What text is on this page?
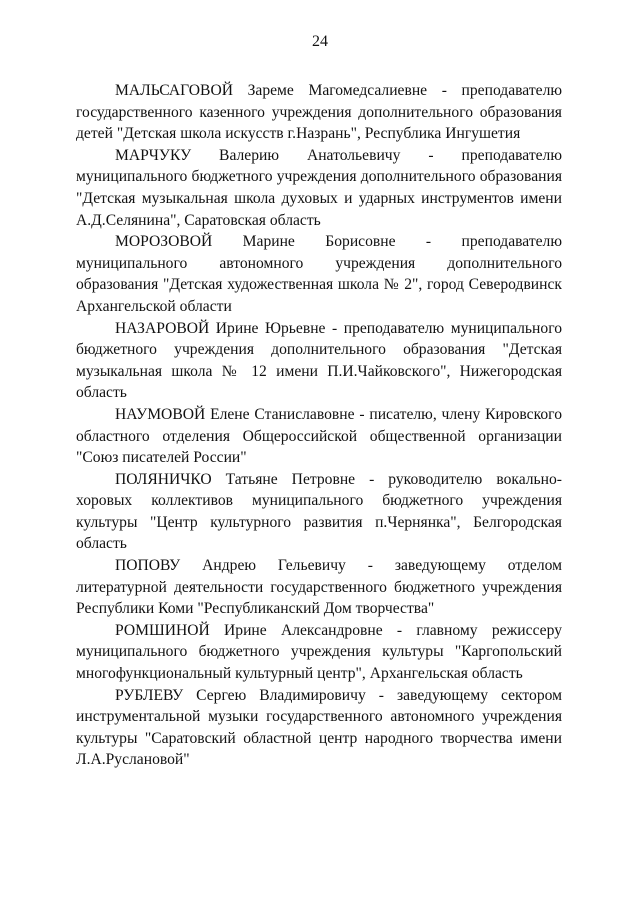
24

МАЛЬСАГОВОЙ Зареме Магомедсалиевне - преподавателю государственного казенного учреждения дополнительного образования детей "Детская школа искусств г.Назрань", Республика Ингушетия

МАРЧУКУ Валерию Анатольевичу - преподавателю муниципального бюджетного учреждения дополнительного образования "Детская музыкальная школа духовых и ударных инструментов имени А.Д.Селянина", Саратовская область

МОРОЗОВОЙ Марине Борисовне - преподавателю муниципального автономного учреждения дополнительного образования "Детская художественная школа № 2", город Северодвинск Архангельской области

НАЗАРОВОЙ Ирине Юрьевне - преподавателю муниципального бюджетного учреждения дополнительного образования "Детская музыкальная школа № 12 имени П.И.Чайковского", Нижегородская область

НАУМОВОЙ Елене Станиславовне - писателю, члену Кировского областного отделения Общероссийской общественной организации "Союз писателей России"

ПОЛЯНИЧКО Татьяне Петровне - руководителю вокально-хоровых коллективов муниципального бюджетного учреждения культуры "Центр культурного развития п.Чернянка", Белгородская область

ПОПОВУ Андрею Гельевичу - заведующему отделом литературной деятельности государственного бюджетного учреждения Республики Коми "Республиканский Дом творчества"

РОМШИНОЙ Ирине Александровне - главному режиссеру муниципального бюджетного учреждения культуры "Каргопольский многофункциональный культурный центр", Архангельская область

РУБЛЕВУ Сергею Владимировичу - заведующему сектором инструментальной музыки государственного автономного учреждения культуры "Саратовский областной центр народного творчества имени Л.А.Руслановой"
